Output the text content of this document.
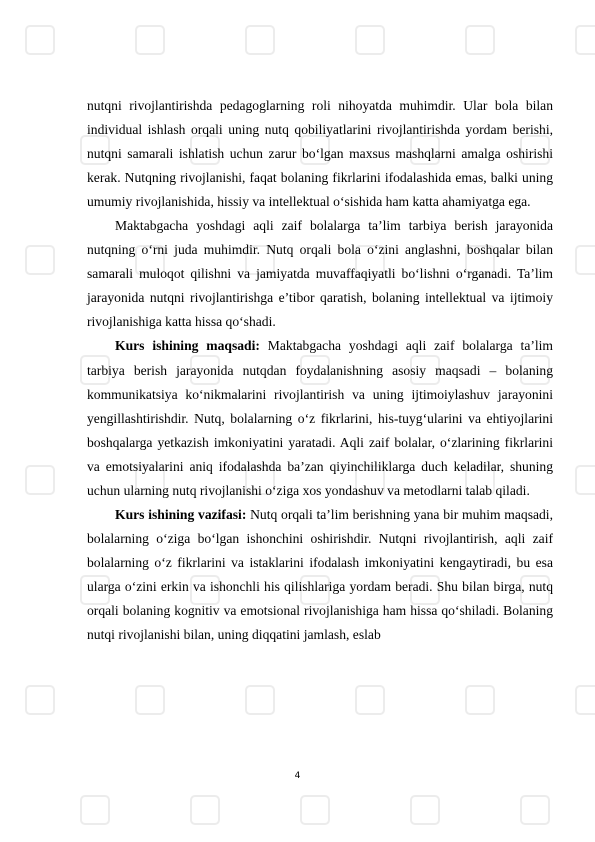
nutqni rivojlantirishda pedagoglarning roli nihoyatda muhimdir. Ular bola bilan individual ishlash orqali uning nutq qobiliyatlarini rivojlantirishda yordam berishi, nutqni samarali ishlatish uchun zarur bo‘lgan maxsus mashqlarni amalga oshirishi kerak. Nutqning rivojlanishi, faqat bolaning fikrlarini ifodalashida emas, balki uning umumiy rivojlanishida, hissiy va intellektual o‘sishida ham katta ahamiyatga ega.

Maktabgacha yoshdagi aqli zaif bolalarga ta’lim tarbiya berish jarayonida nutqning o‘rni juda muhimdir. Nutq orqali bola o‘zini anglashni, boshqalar bilan samarali muloqot qilishni va jamiyatda muvaffaqiyatli bo‘lishni o‘rganadi. Ta’lim jarayonida nutqni rivojlantirishga e’tibor qaratish, bolaning intellektual va ijtimoiy rivojlanishiga katta hissa qo‘shadi.

Kurs ishining maqsadi: Maktabgacha yoshdagi aqli zaif bolalarga ta’lim tarbiya berish jarayonida nutqdan foydalanishning asosiy maqsadi – bolaning kommunikatsiya ko‘nikmalarini rivojlantirish va uning ijtimoiylashuv jarayonini yengillashtirishdir. Nutq, bolalarning o‘z fikrlarini, his-tuyg‘ularini va ehtiyojlarini boshqalarga yetkazish imkoniyatini yaratadi. Aqli zaif bolalar, o‘zlarining fikrlarini va emotsiyalarini aniq ifodalashda ba’zan qiyinchiliklarga duch keladilar, shuning uchun ularning nutq rivojlanishi o‘ziga xos yondashuv va metodlarni talab qiladi.

Kurs ishining vazifasi: Nutq orqali ta’lim berishning yana bir muhim maqsadi, bolalarning o‘ziga bo‘lgan ishonchini oshirishdir. Nutqni rivojlantirish, aqli zaif bolalarning o‘z fikrlarini va istaklarini ifodalash imkoniyatini kengaytiradi, bu esa ularga o‘zini erkin va ishonchli his qilishlariga yordam beradi. Shu bilan birga, nutq orqali bolaning kognitiv va emotsional rivojlanishiga ham hissa qo‘shiladi. Bolaning nutqi rivojlanishi bilan, uning diqqatini jamlash, eslab

4
